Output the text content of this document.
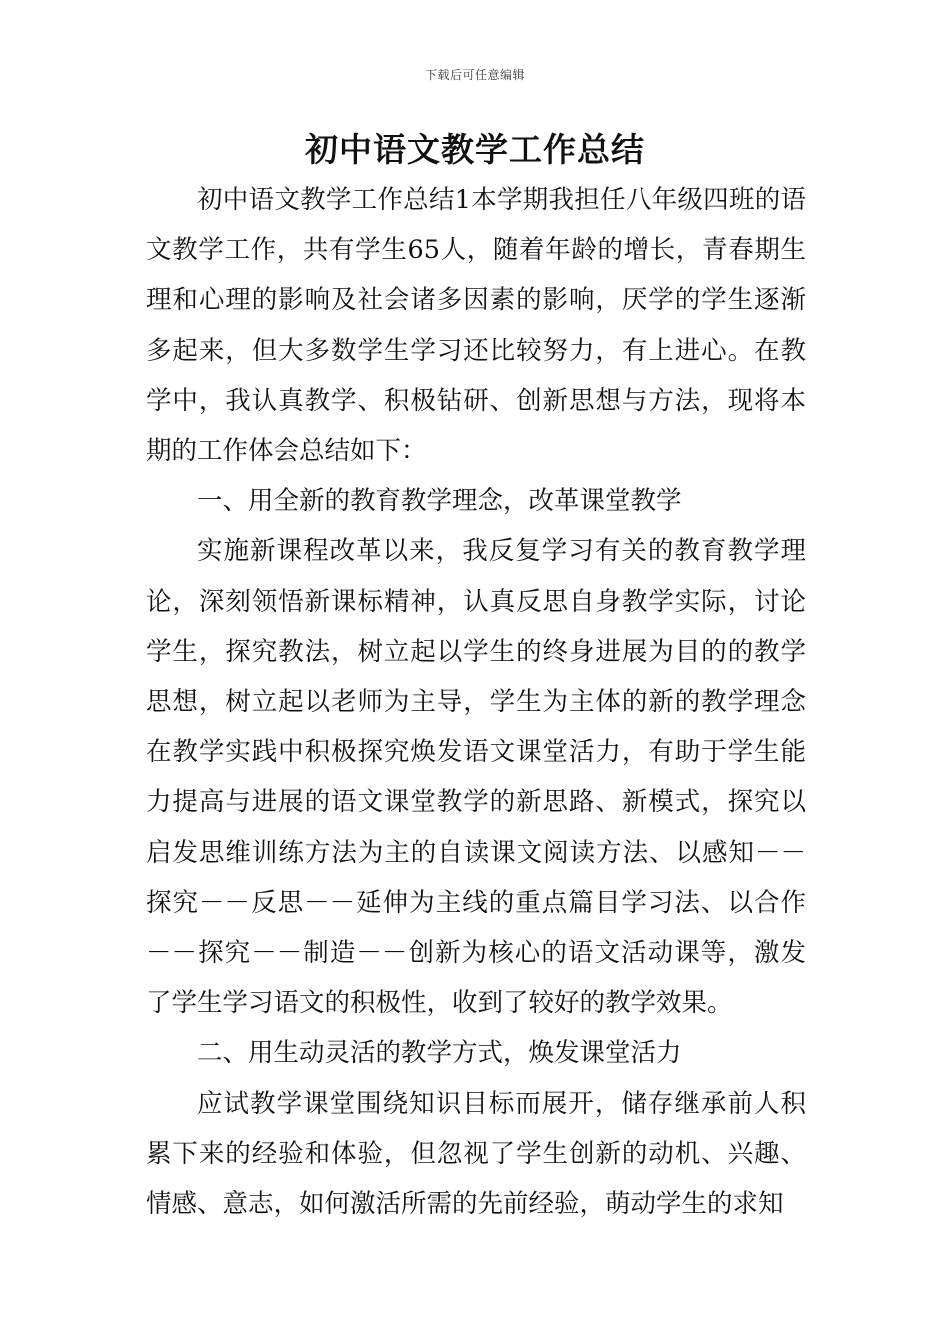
下载后可任意编辑
初中语文教学工作总结

初中语文教学工作总结1本学期我担任八年级四班的语文教学工作，共有学生65人，随着年龄的增长，青春期生理和心理的影响及社会诸多因素的影响，厌学的学生逐渐多起来，但大多数学生学习还比较努力，有上进心。在教学中，我认真教学、积极钻研、创新思想与方法，现将本期的工作体会总结如下：

一、用全新的教育教学理念，改革课堂教学

实施新课程改革以来，我反复学习有关的教育教学理论，深刻领悟新课标精神，认真反思自身教学实际，讨论学生，探究教法，树立起以学生的终身进展为目的的教学思想，树立起以老师为主导，学生为主体的新的教学理念在教学实践中积极探究焕发语文课堂活力，有助于学生能力提高与进展的语文课堂教学的新思路、新模式，探究以启发思维训练方法为主的自读课文阅读方法、以感知－－探究－－反思－－延伸为主线的重点篇目学习法、以合作－－探究－－制造－－创新为核心的语文活动课等，激发了学生学习语文的积极性，收到了较好的教学效果。

二、用生动灵活的教学方式，焕发课堂活力

应试教学课堂围绕知识目标而展开，储存继承前人积累下来的经验和体验，但忽视了学生创新的动机、兴趣、情感、意志，如何激活所需的先前经验，萌动学生的求知
